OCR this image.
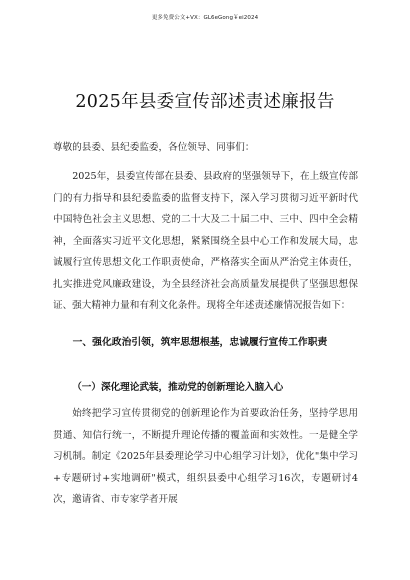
更多免费公文+VX：GL6eGong￥ei2024
2025年县委宣传部述责述廉报告
尊敬的县委、县纪委监委，各位领导、同事们：

2025年，县委宣传部在县委、县政府的坚强领导下，在上级宣传部门的有力指导和县纪委监委的监督支持下，深入学习贯彻习近平新时代中国特色社会主义思想、党的二十大及二十届二中、三中、四中全会精神，全面落实习近平文化思想，紧紧围绕全县中心工作和发展大局，忠诚履行宣传思想文化工作职责使命，严格落实全面从严治党主体责任，扎实推进党风廉政建设，为全县经济社会高质量发展提供了坚强思想保证、强大精神力量和有利文化条件。现将全年述责述廉情况报告如下：

一、强化政治引领，筑牢思想根基，忠诚履行宣传工作职责
（一）深化理论武装，推动党的创新理论入脑入心

始终把学习宣传贯彻党的创新理论作为首要政治任务，坚持学思用贯通、知信行统一，不断提升理论传播的覆盖面和实效性。一是健全学习机制。制定《2025年县委理论学习中心组学习计划》，优化"集中学习+专题研讨+实地调研"模式，组织县委中心组学习16次，专题研讨4次，邀请省、市专家学者开展
